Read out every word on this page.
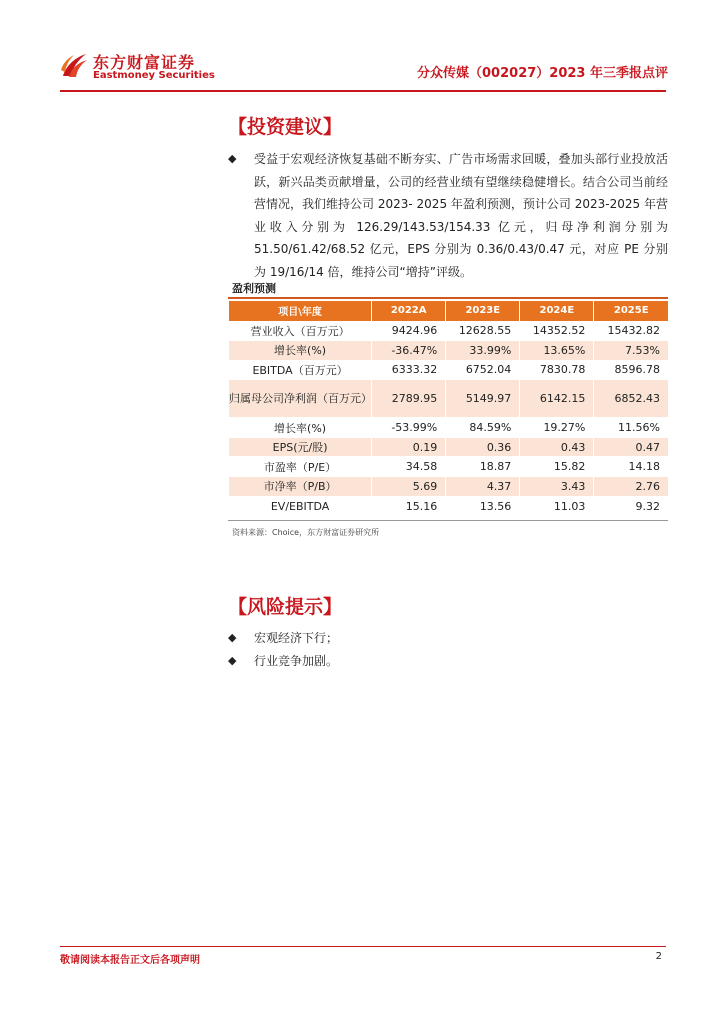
东方财富证券
Eastmoney Securities	分众传媒（002027）2023 年三季报点评
【投资建议】
◆	受益于宏观经济恢复基础不断夯实、广告市场需求回暖，叠加头部行业投放活跃，新兴品类贡献增量，公司的经营业绩有望继续稳健增长。结合公司当前经营情况，我们维持公司 2023- 2025 年盈利预测，预计公司 2023-2025 年营业收入分别为 126.29/143.53/154.33 亿元，归母净利润分别为 51.50/61.42/68.52 亿元，EPS 分别为 0.36/0.43/0.47 元，对应 PE 分别为 19/16/14 倍，维持公司“增持”评级。
盈利预测
项目\年度	2022A	2023E	2024E	2025E
营业收入（百万元）	9424.96	12628.55	14352.52	15432.82
增长率(%)	-36.47%	33.99%	13.65%	7.53%
EBITDA（百万元）	6333.32	6752.04	7830.78	8596.78
归属母公司净利润（百万元）	2789.95	5149.97	6142.15	6852.43
增长率(%)	-53.99%	84.59%	19.27%	11.56%
EPS(元/股)	0.19	0.36	0.43	0.47
市盈率（P/E）	34.58	18.87	15.82	14.18
市净率（P/B）	5.69	4.37	3.43	2.76
EV/EBITDA	15.16	13.56	11.03	9.32
资料来源：Choice，东方财富证券研究所
【风险提示】
◆	宏观经济下行；
◆	行业竞争加剧。
敬请阅读本报告正文后各项声明	2
